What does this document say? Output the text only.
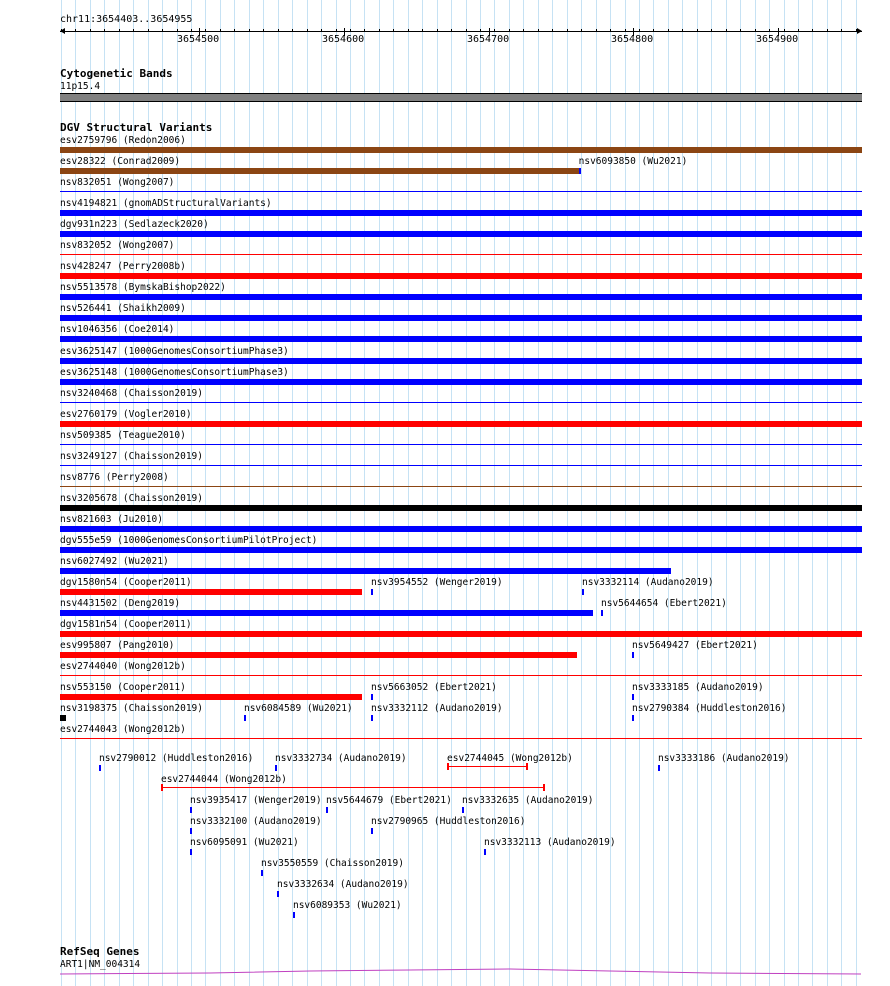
chr11:3654403..3654955
3654500	3654600	3654700	3654800	3654900
Cytogenetic Bands
11p15.4
DGV Structural Variants
esv2759796 (Redon2006)
esv28322 (Conrad2009)	nsv6093850 (Wu2021)
nsv832051 (Wong2007)
nsv4194821 (gnomADStructuralVariants)
dgv931n223 (Sedlazeck2020)
nsv832052 (Wong2007)
nsv428247 (Perry2008b)
nsv5513578 (BymskaBishop2022)
nsv526441 (Shaikh2009)
nsv1046356 (Coe2014)
esv3625147 (1000GenomesConsortiumPhase3)
esv3625148 (1000GenomesConsortiumPhase3)
nsv3240468 (Chaisson2019)
esv2760179 (Vogler2010)
nsv509385 (Teague2010)
nsv3249127 (Chaisson2019)
nsv8776 (Perry2008)
nsv3205678 (Chaisson2019)
nsv821603 (Ju2010)
dgv555e59 (1000GenomesConsortiumPilotProject)
nsv6027492 (Wu2021)
dgv1580n54 (Cooper2011)	nsv3954552 (Wenger2019)	nsv3332114 (Audano2019)
nsv4431502 (Deng2019)	nsv5644654 (Ebert2021)
dgv1581n54 (Cooper2011)
esv995807 (Pang2010)	nsv5649427 (Ebert2021)
esv2744040 (Wong2012b)
nsv553150 (Cooper2011)	nsv5663052 (Ebert2021)	nsv3333185 (Audano2019)
nsv3198375 (Chaisson2019)	nsv6084589 (Wu2021) nsv3332112 (Audano2019)	nsv2790384 (Huddleston2016)
esv2744043 (Wong2012b)
nsv2790012 (Huddleston2016) nsv3332734 (Audano2019)	esv2744045 (Wong2012b)	nsv3333186 (Audano2019)
esv2744044 (Wong2012b)
nsv3935417 (Wenger2019) nsv5644679 (Ebert2021) nsv3332635 (Audano2019)
nsv3332100 (Audano2019)	nsv2790965 (Huddleston2016)
nsv6095091 (Wu2021)	nsv3332113 (Audano2019)
nsv3550559 (Chaisson2019)
nsv3332634 (Audano2019)
nsv6089353 (Wu2021)
RefSeq Genes
ART1|NM_004314
